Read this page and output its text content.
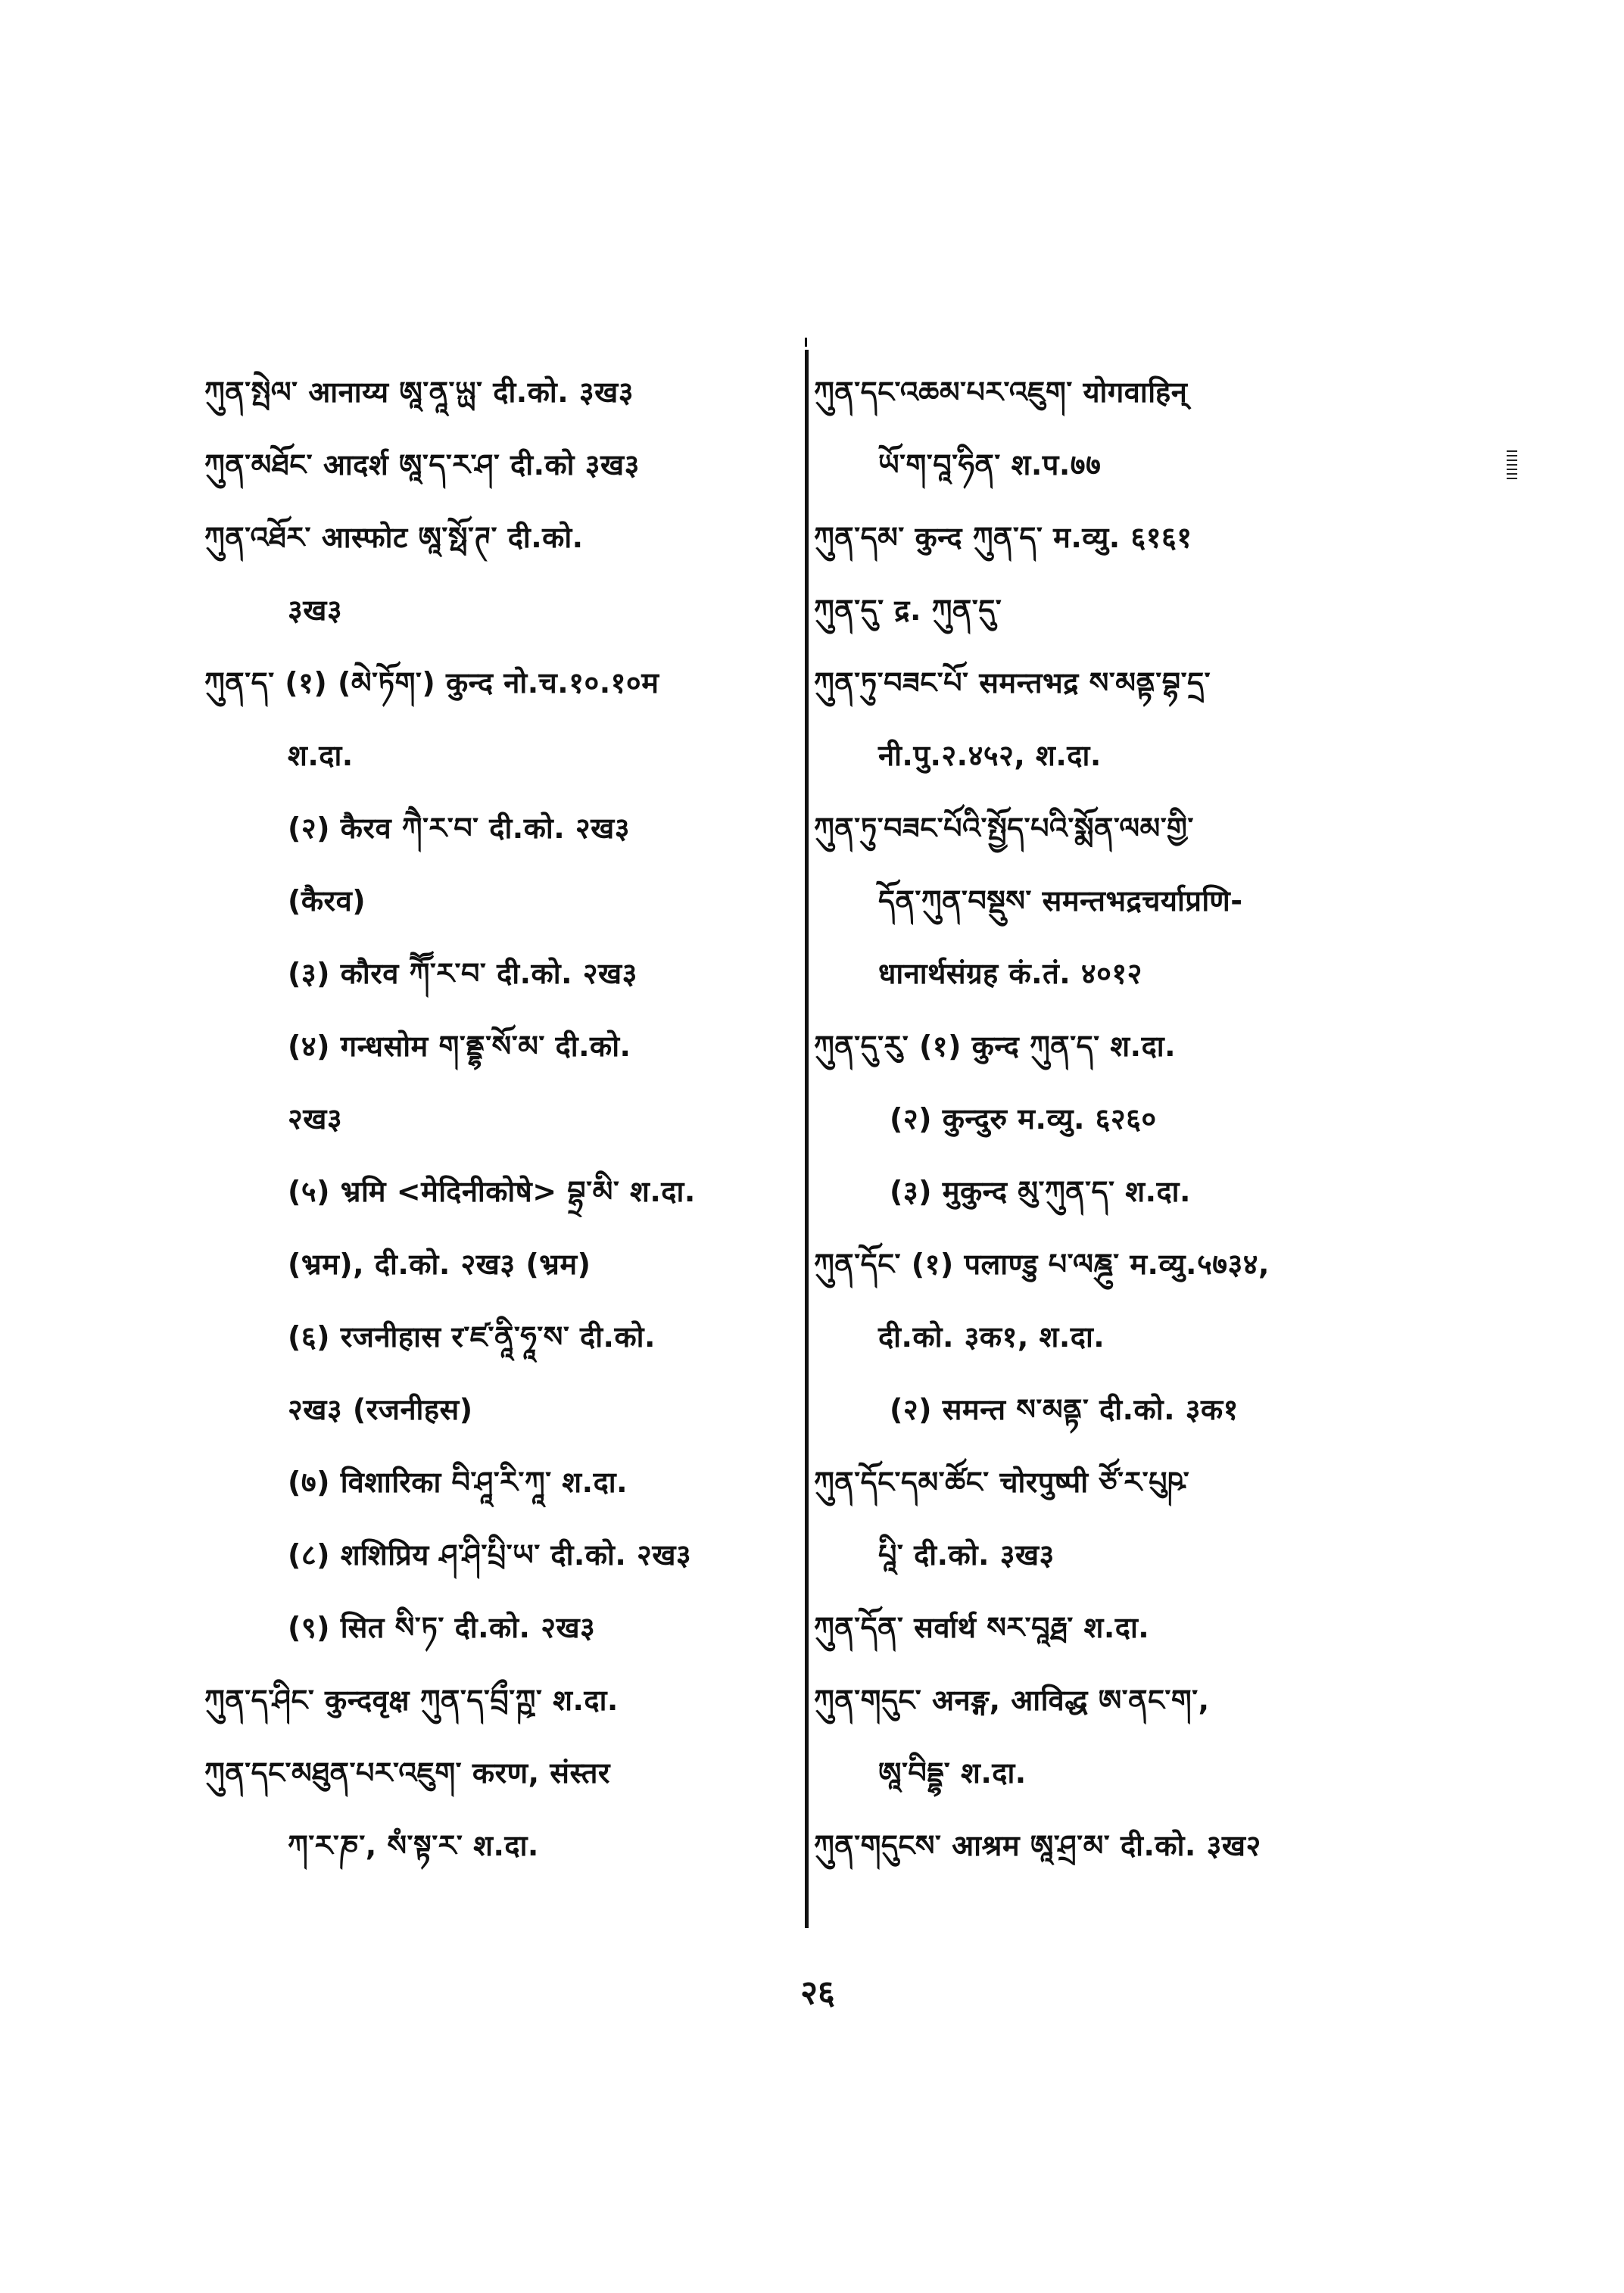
ཀུན་སྤེལ་ आनाय्य ཨཱ་ནཱ་ཡྻ་ दी.को. ३ख३
ཀུན་མཐོང་ आदर्श ཨཱ་ད་ར་ཤ་ दी.को ३ख३
ཀུན་འཐོར་ आस्फोट ཨཱ་སྥོ་ཊ་ दी.को.
३ख३
ཀུན་ད་ (१) (མེ་ཏོག་) कुन्द नो.च.१०.१०म
श.दा.
(२) कैरव ཀཻ་ར་བ་ दी.को. २ख३
(कैरव)
(३) कौरव ཀཽ་ར་བ་ दी.को. २ख३
(४) गन्धसोम ག་ནྡྷ་སོ་མ་ दी.को.
२ख३
(५) भ्रमि <मेदिनीकोषे> བྷྲ་མི་ श.दा.
(भ्रम), दी.को. २ख३ (भ्रम)
(६) रजनीहास र་ཛ་ནཱི་ཧཱ་ས་ दी.को.
२ख३ (रजनीहस)
(७) विशारिका བི་ཤཱ་རི་ཀཱ་ श.दा.
(८) शशिप्रिय ཤ་ཤི་པྲི་ཡ་ दी.को. २ख३
(९) सित སི་ཏ་ दी.को. २ख३
ཀུན་ད་ཤིང་ कुन्दवृक्ष ཀུན་ད་བྲྀ་ཀྵ་ श.दा.
ཀུན་དང་མཐུན་པར་འཇུག་ करण, संस्तर
ཀ་ར་ཎ་, སཾ་སྟ་ར་ श.दा.
ཀུན་དང་འཆམ་པར་འཇུག་ योगवाहिन्
ཡོ་ག་བཱ་ཧིན་ श.प.७७
ཀུན་དམ་ कुन्द ཀུན་ད་ म.व्यु. ६१६१
ཀུན་དུ་ द्र. ཀུན་དུ་
ཀུན་ཏུ་བཟང་པོ་ समन्तभद्र ས་མནྟ་བྷ་དྲ་
नी.पु.२.४५२, श.दा.
ཀུན་ཏུ་བཟང་པོའི་སྤྱོད་པའི་སྨོན་ལམ་གྱི་
དོན་ཀུན་བསྡུས་ समन्तभद्रचर्याप्रणि-
धानार्थसंग्रह कं.तं. ४०१२
ཀུན་དུ་རུ་ (१) कुन्द ཀུན་ད་ श.दा.
(२) कुन्दुरु म.व्यु. ६२६०
(३) मुकुन्द མུ་ཀུན་ད་ श.दा.
ཀུན་དོང་ (१) पलाण्डु པ་ལཎྜུ་ म.व्यु.५७३४,
दी.को. ३क१, श.दा.
(२) समन्त ས་མནྟ་ दी.को. ३क१
ཀུན་དོང་དམ་ཚོང་ चोरपुष्पी ཙོ་ར་པུཥ་
པཱི་ दी.को. ३ख३
ཀུན་དོན་ सर्वार्थ སར་བཱརྠ་ श.दा.
ཀུན་གདུང་ अनङ्ग, आविद्ध ཨ་ནང་ག་,
ཨཱ་བིདྡྷ་ श.दा.
ཀུན་གདུངས་ आश्रम ཨཱ་ཤྲ་མ་ दी.को. ३ख२
२६
